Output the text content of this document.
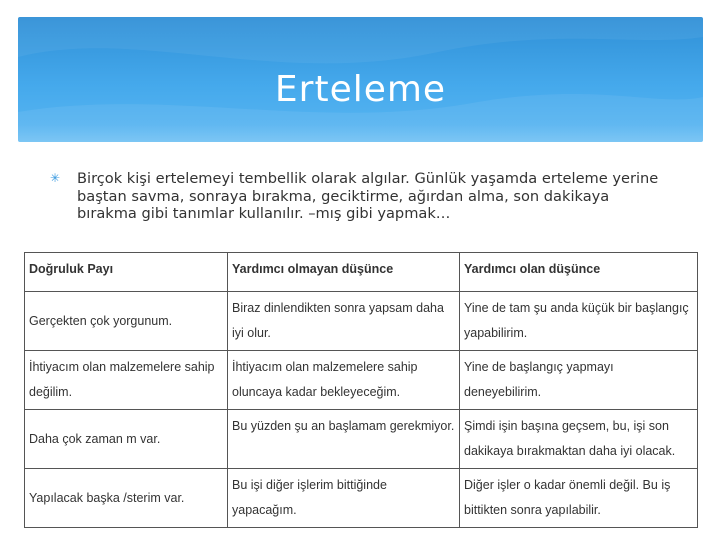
Erteleme
✳ Birçok kişi ertelemeyi tembellik olarak algılar. Günlük yaşamda erteleme yerine baştan savma, sonraya bırakma, geciktirme, ağırdan alma, son dakikaya bırakma gibi tanımlar kullanılır. –mış gibi yapmak…

Doğruluk Payı	Yardımcı olmayan düşünce	Yardımcı olan düşünce
Gerçekten çok yorgunum.	Biraz dinlendikten sonra yapsam daha iyi olur.	Yine de tam şu anda küçük bir başlangıç yapabilirim.
İhtiyacım olan malzemelere sahip değilim.	İhtiyacım olan malzemelere sahip oluncaya kadar bekleyeceğim.	Yine de başlangıç yapmayı deneyebilirim.
Daha çok zaman m var.	Bu yüzden şu an başlamam gerekmiyor.	Şimdi işin başına geçsem, bu, işi son dakikaya bırakmaktan daha iyi olacak.
Yapılacak başka /sterim var.	Bu işi diğer işlerim bittiğinde yapacağım.	Diğer işler o kadar önemli değil. Bu iş bittikten sonra yapılabilir.
